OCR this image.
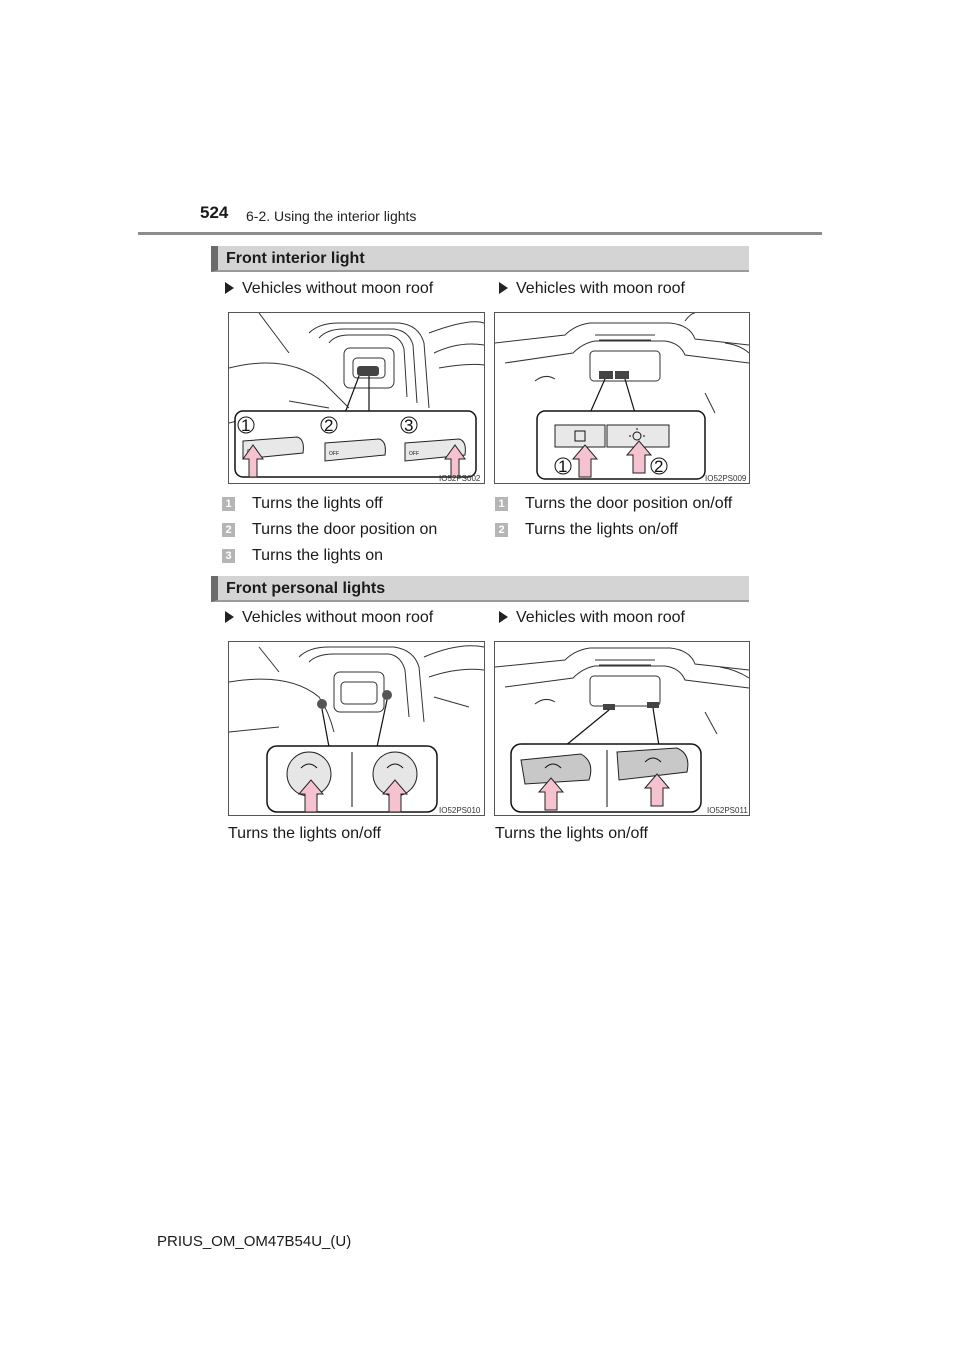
524 6-2. Using the interior lights
Front interior light
Vehicles without moon roof	Vehicles with moon roof
1	2	3
OFF	OFF
IO52PS002
1	2
IO52PS009
1 Turns the lights off
2 Turns the door position on
3 Turns the lights on
1 Turns the door position on/off
2 Turns the lights on/off
Front personal lights
Vehicles without moon roof	Vehicles with moon roof
IO52PS010	IO52PS011
Turns the lights on/off	Turns the lights on/off
PRIUS_OM_OM47B54U_(U)
